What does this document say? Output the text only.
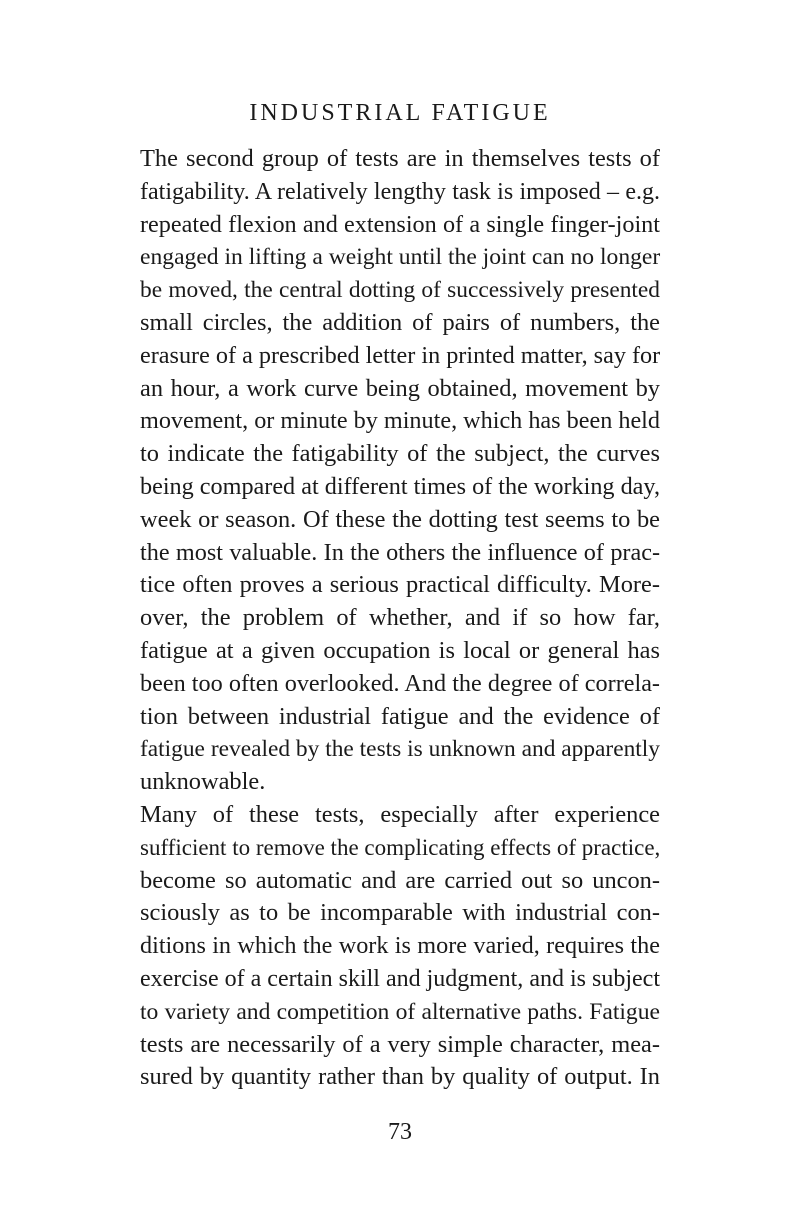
INDUSTRIAL FATIGUE
The second group of tests are in themselves tests of
fatigability. A relatively lengthy task is imposed – e.g.
repeated flexion and extension of a single finger-joint
engaged in lifting a weight until the joint can no longer
be moved, the central dotting of successively presented
small circles, the addition of pairs of numbers, the
erasure of a prescribed letter in printed matter, say for
an hour, a work curve being obtained, movement by
movement, or minute by minute, which has been held
to indicate the fatigability of the subject, the curves
being compared at different times of the working day,
week or season. Of these the dotting test seems to be
the most valuable. In the others the influence of prac-
tice often proves a serious practical difficulty. More-
over, the problem of whether, and if so how far,
fatigue at a given occupation is local or general has
been too often overlooked. And the degree of correla-
tion between industrial fatigue and the evidence of
fatigue revealed by the tests is unknown and apparently
unknowable.
Many of these tests, especially after experience
sufficient to remove the complicating effects of practice,
become so automatic and are carried out so uncon-
sciously as to be incomparable with industrial con-
ditions in which the work is more varied, requires the
exercise of a certain skill and judgment, and is subject
to variety and competition of alternative paths. Fatigue
tests are necessarily of a very simple character, mea-
sured by quantity rather than by quality of output. In
73
